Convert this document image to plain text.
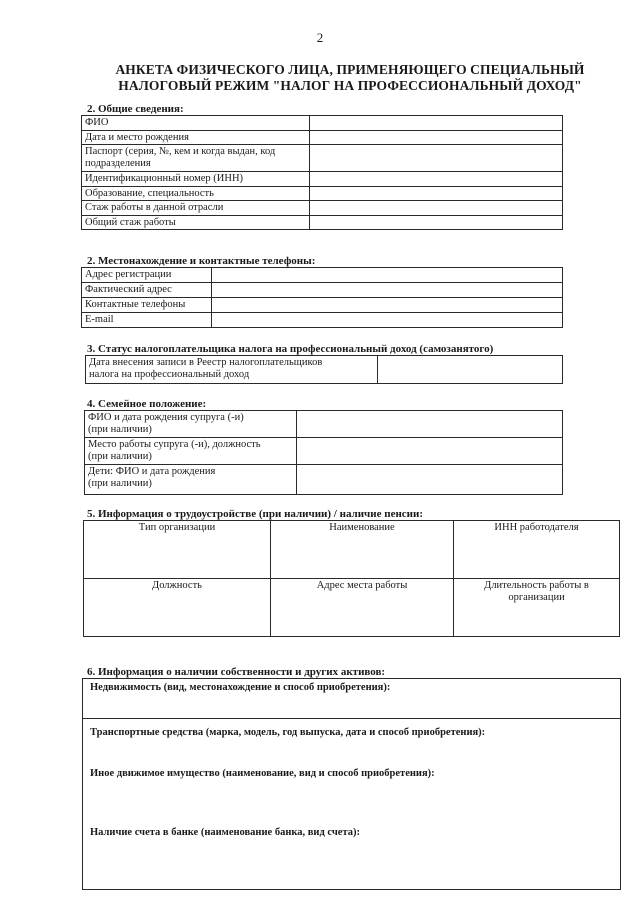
2
АНКЕТА ФИЗИЧЕСКОГО ЛИЦА, ПРИМЕНЯЮЩЕГО СПЕЦИАЛЬНЫЙ
НАЛОГОВЫЙ РЕЖИМ "НАЛОГ НА ПРОФЕССИОНАЛЬНЫЙ ДОХОД"
2. Общие сведения:
ФИО	
Дата и место рождения	
Паспорт (серия, №, кем и когда выдан, код подразделения	
Идентификационный номер (ИНН)	
Образование, специальность	
Стаж работы в данной отрасли	
Общий стаж работы	
2. Местонахождение и контактные телефоны:
Адрес регистрации	
Фактический адрес	
Контактные телефоны	
E-mail	
3. Статус налогоплательщика налога на профессиональный доход (самозанятого)
Дата внесения записи в Реестр налогоплательщиков
налога на профессиональный доход

4. Семейное положение:
ФИО и дата рождения супруга (-и)
(при наличии)	

Место работы супруга (-и), должность
(при наличии)	

Дети: ФИО и дата рождения
(при наличии)	

5. Информация о трудоустройстве (при наличии) / наличие пенсии:
Тип организации	Наименование	ИНН работодателя
Должность	Адрес места работы	Длительность работы в организации
6. Информация о наличии собственности и других активов:
Недвижимость (вид, местонахождение и способ приобретения):
Транспортные средства (марка, модель, год выпуска, дата и способ приобретения):
Иное движимое имущество (наименование, вид и способ приобретения):
Наличие счета в банке (наименование банка, вид счета):
